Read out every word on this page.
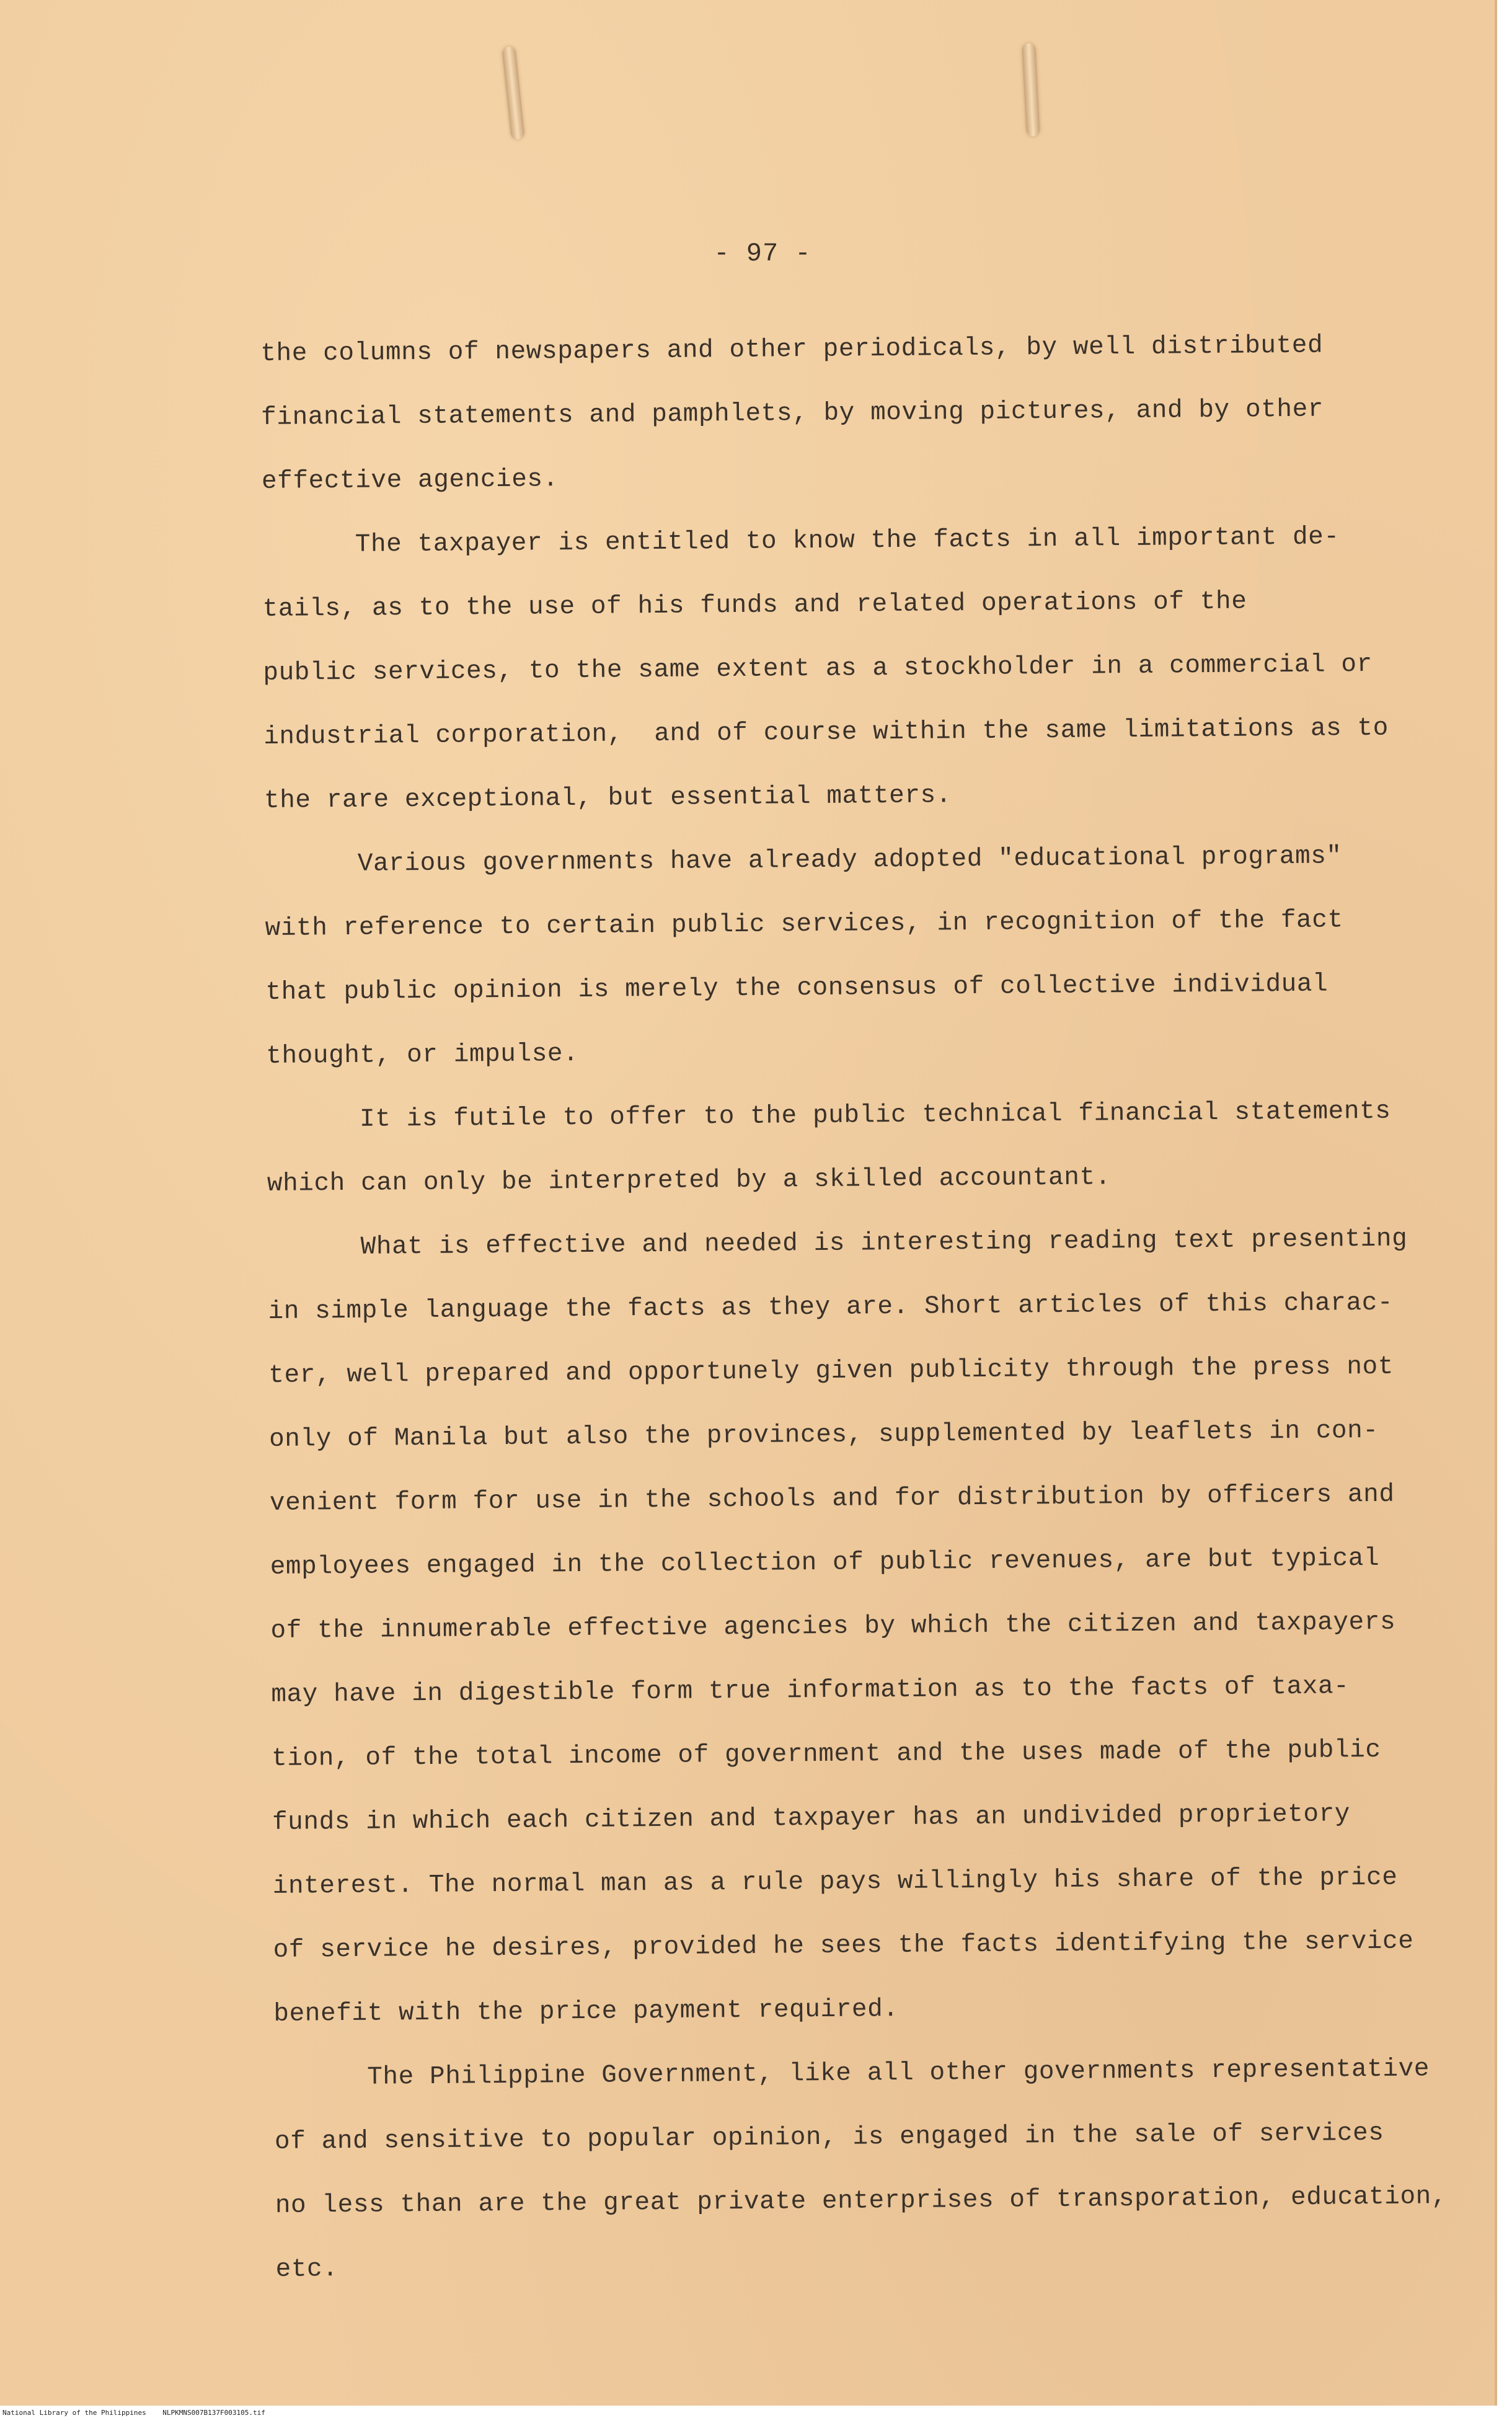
- 97 -
the columns of newspapers and other periodicals, by well distributed
financial statements and pamphlets, by moving pictures, and by other
effective agencies.
The taxpayer is entitled to know the facts in all important de-
tails, as to the use of his funds and related operations of the
public services, to the same extent as a stockholder in a commercial or
industrial corporation,  and of course within the same limitations as to
the rare exceptional, but essential matters.
Various governments have already adopted "educational programs"
with reference to certain public services, in recognition of the fact
that public opinion is merely the consensus of collective individual
thought, or impulse.
It is futile to offer to the public technical financial statements
which can only be interpreted by a skilled accountant.
What is effective and needed is interesting reading text presenting
in simple language the facts as they are. Short articles of this charac-
ter, well prepared and opportunely given publicity through the press not
only of Manila but also the provinces, supplemented by leaflets in con-
venient form for use in the schools and for distribution by officers and
employees engaged in the collection of public revenues, are but typical
of the innumerable effective agencies by which the citizen and taxpayers
may have in digestible form true information as to the facts of taxa-
tion, of the total income of government and the uses made of the public
funds in which each citizen and taxpayer has an undivided proprietory
interest. The normal man as a rule pays willingly his share of the price
of service he desires, provided he sees the facts identifying the service
benefit with the price payment required.
The Philippine Government, like all other governments representative
of and sensitive to popular opinion, is engaged in the sale of services
no less than are the great private enterprises of transporation, education,
etc.
National Library of the Philippines    NLPKMNS007B137F003105.tif
